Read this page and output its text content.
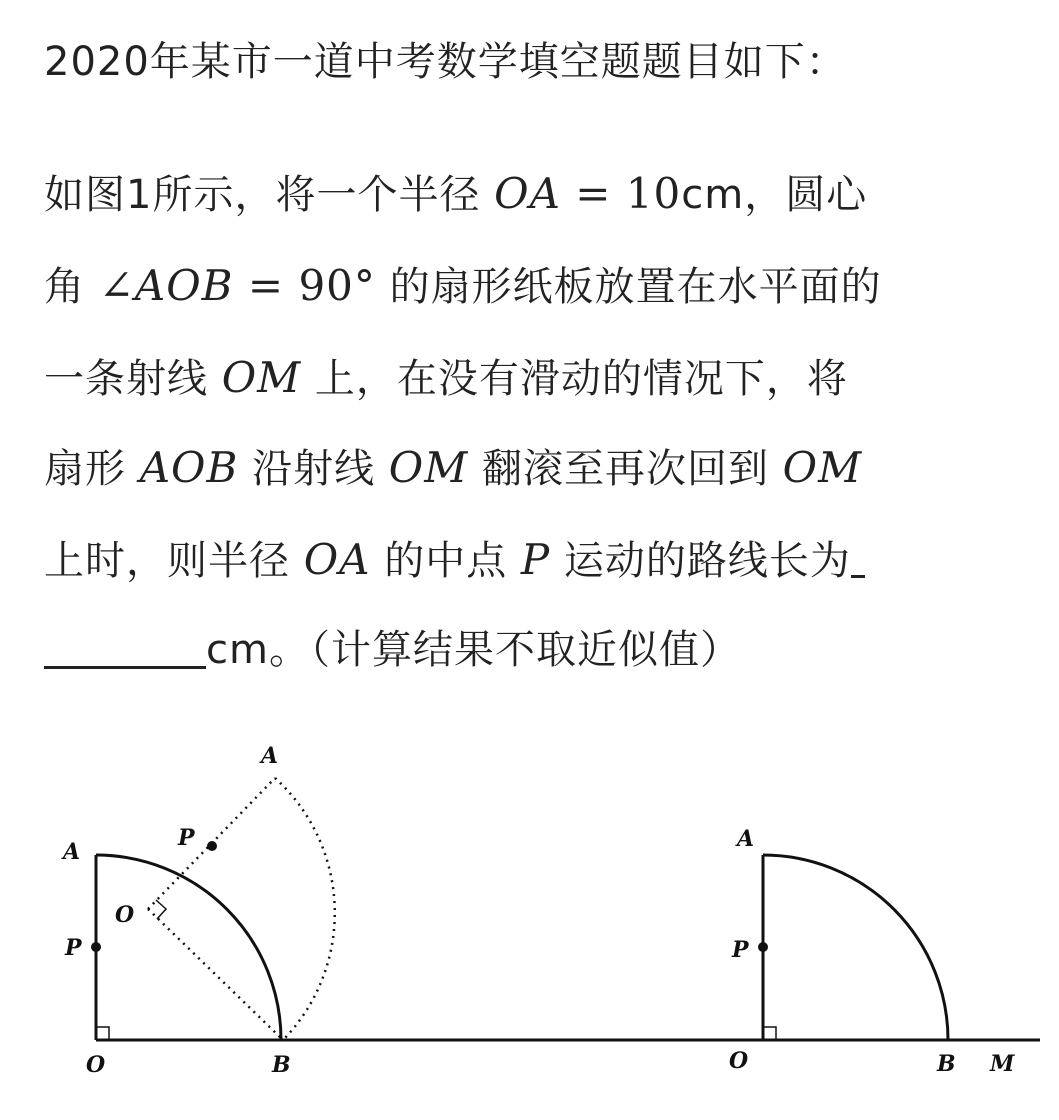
2020年某市一道中考数学填空题题目如下：
如图1所示，将一个半径 OA = 10cm，圆心
角 ∠AOB = 90° 的扇形纸板放置在水平面的
一条射线 OM 上，在没有滑动的情况下，将
扇形 AOB 沿射线 OM 翻滚至再次回到 OM
上时，则半径 OA 的中点 P 运动的路线长为
cm。（计算结果不取近似值）
A
P
O	B
A
P
O
A
P
O	B M
